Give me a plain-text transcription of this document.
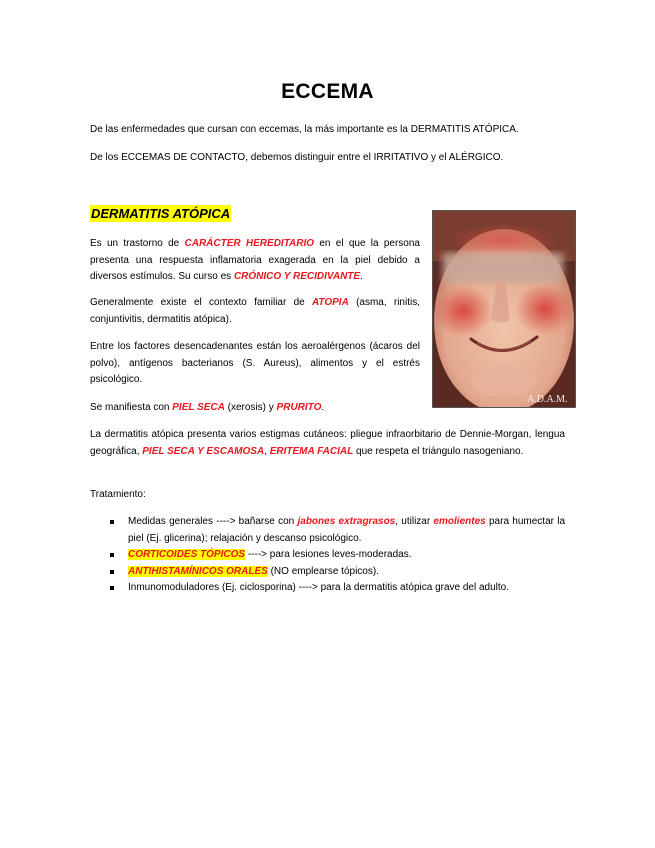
ECCEMA

De las enfermedades que cursan con eccemas, la más importante es la DERMATITIS ATÓPICA.

De los ECCEMAS DE CONTACTO, debemos distinguir entre el IRRITATIVO y el ALÉRGICO.

DERMATITIS ATÓPICA

Es un trastorno de CARÁCTER HEREDITARIO en el que la persona presenta una respuesta inflamatoria exagerada en la piel debido a diversos estímulos. Su curso es CRÓNICO Y RECIDIVANTE.

Generalmente existe el contexto familiar de ATOPIA (asma, rinitis, conjuntivitis, dermatitis atópica).

Entre los factores desencadenantes están los aeroalérgenos (ácaros del polvo), antígenos bacterianos (S. Aureus), alimentos y el estrés psicológico.

Se manifiesta con PIEL SECA (xerosis) y PRURITO.

La dermatitis atópica presenta varios estigmas cutáneos: pliegue infraorbitario de Dennie-Morgan, lengua geográfica, PIEL SECA Y ESCAMOSA, ERITEMA FACIAL que respeta el triángulo nasogeniano.

Tratamiento:

Medidas generales ----> bañarse con jabones extragrasos, utilizar emolientes para humectar la piel (Ej. glicerina); relajación y descanso psicológico.
CORTICOIDES TÓPICOS ----> para lesiones leves-moderadas.
ANTIHISTAMÍNICOS ORALES (NO emplearse tópicos).
Inmunomoduladores (Ej. ciclosporina) ----> para la dermatitis atópica grave del adulto.
A.D.A.M.
